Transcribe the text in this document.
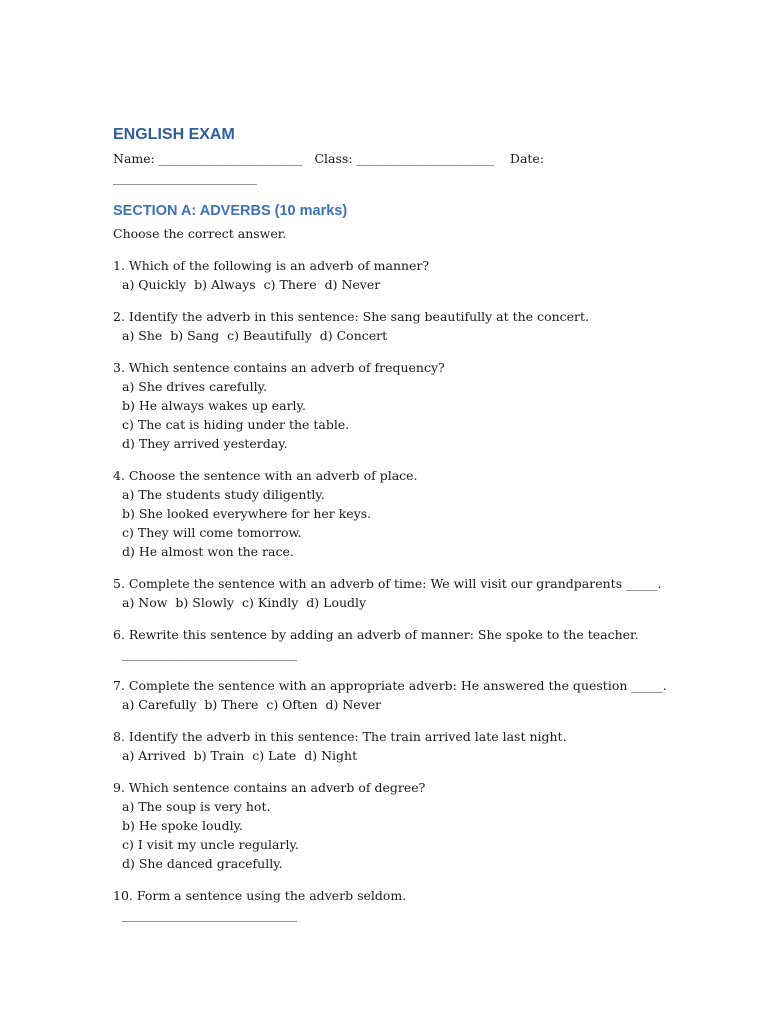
ENGLISH EXAM
Name: _______________________   Class: ______________________    Date:
_______________________
SECTION A: ADVERBS (10 marks)
Choose the correct answer.
1. Which of the following is an adverb of manner?
a) Quickly  b) Always  c) There  d) Never
2. Identify the adverb in this sentence: She sang beautifully at the concert.
a) She  b) Sang  c) Beautifully  d) Concert
3. Which sentence contains an adverb of frequency?
a) She drives carefully.
b) He always wakes up early.
c) The cat is hiding under the table.
d) They arrived yesterday.
4. Choose the sentence with an adverb of place.
a) The students study diligently.
b) She looked everywhere for her keys.
c) They will come tomorrow.
d) He almost won the race.
5. Complete the sentence with an adverb of time: We will visit our grandparents _____.
a) Now  b) Slowly  c) Kindly  d) Loudly
6. Rewrite this sentence by adding an adverb of manner: She spoke to the teacher.
____________________________
7. Complete the sentence with an appropriate adverb: He answered the question _____.
a) Carefully  b) There  c) Often  d) Never
8. Identify the adverb in this sentence: The train arrived late last night.
a) Arrived  b) Train  c) Late  d) Night
9. Which sentence contains an adverb of degree?
a) The soup is very hot.
b) He spoke loudly.
c) I visit my uncle regularly.
d) She danced gracefully.
10. Form a sentence using the adverb seldom.
____________________________
